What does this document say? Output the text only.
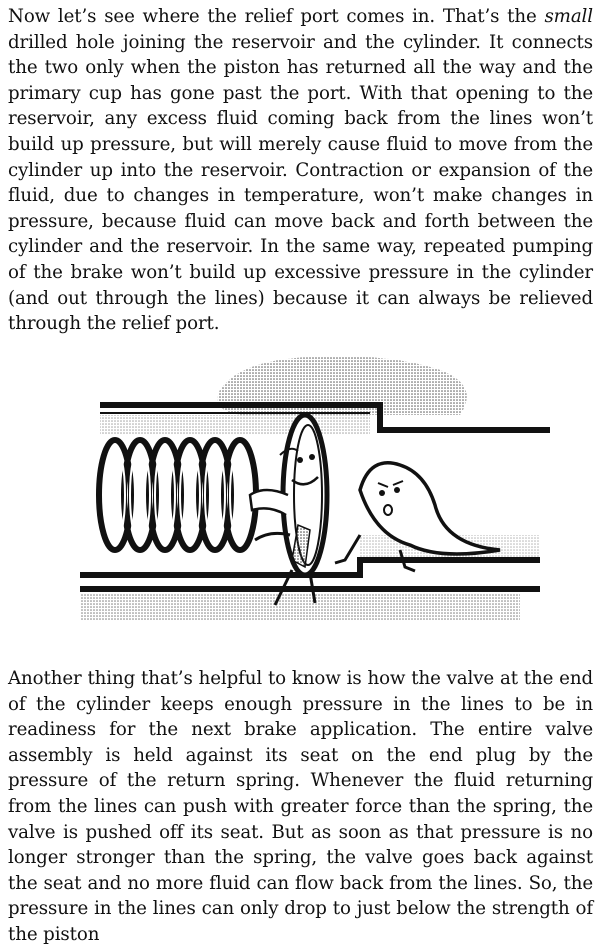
Now let’s see where the relief port comes in. That’s the small drilled hole joining the reservoir and the cylinder. It connects the two only when the piston has returned all the way and the primary cup has gone past the port. With that opening to the reservoir, any excess fluid coming back from the lines won’t build up pressure, but will merely cause fluid to move from the cylinder up into the reservoir. Contraction or expansion of the fluid, due to changes in temperature, won’t make changes in pressure, because fluid can move back and forth between the cylinder and the reservoir. In the same way, repeated pumping of the brake won’t build up excessive pressure in the cylinder (and out through the lines) because it can always be relieved through the relief port.

Another thing that’s helpful to know is how the valve at the end of the cylinder keeps enough pressure in the lines to be in readiness for the next brake application. The entire valve assembly is held against its seat on the end plug by the pressure of the return spring. Whenever the fluid returning from the lines can push with greater force than the spring, the valve is pushed off its seat. But as soon as that pressure is no longer stronger than the spring, the valve goes back against the seat and no more fluid can flow back from the lines. So, the pressure in the lines can only drop to just below the strength of the piston
